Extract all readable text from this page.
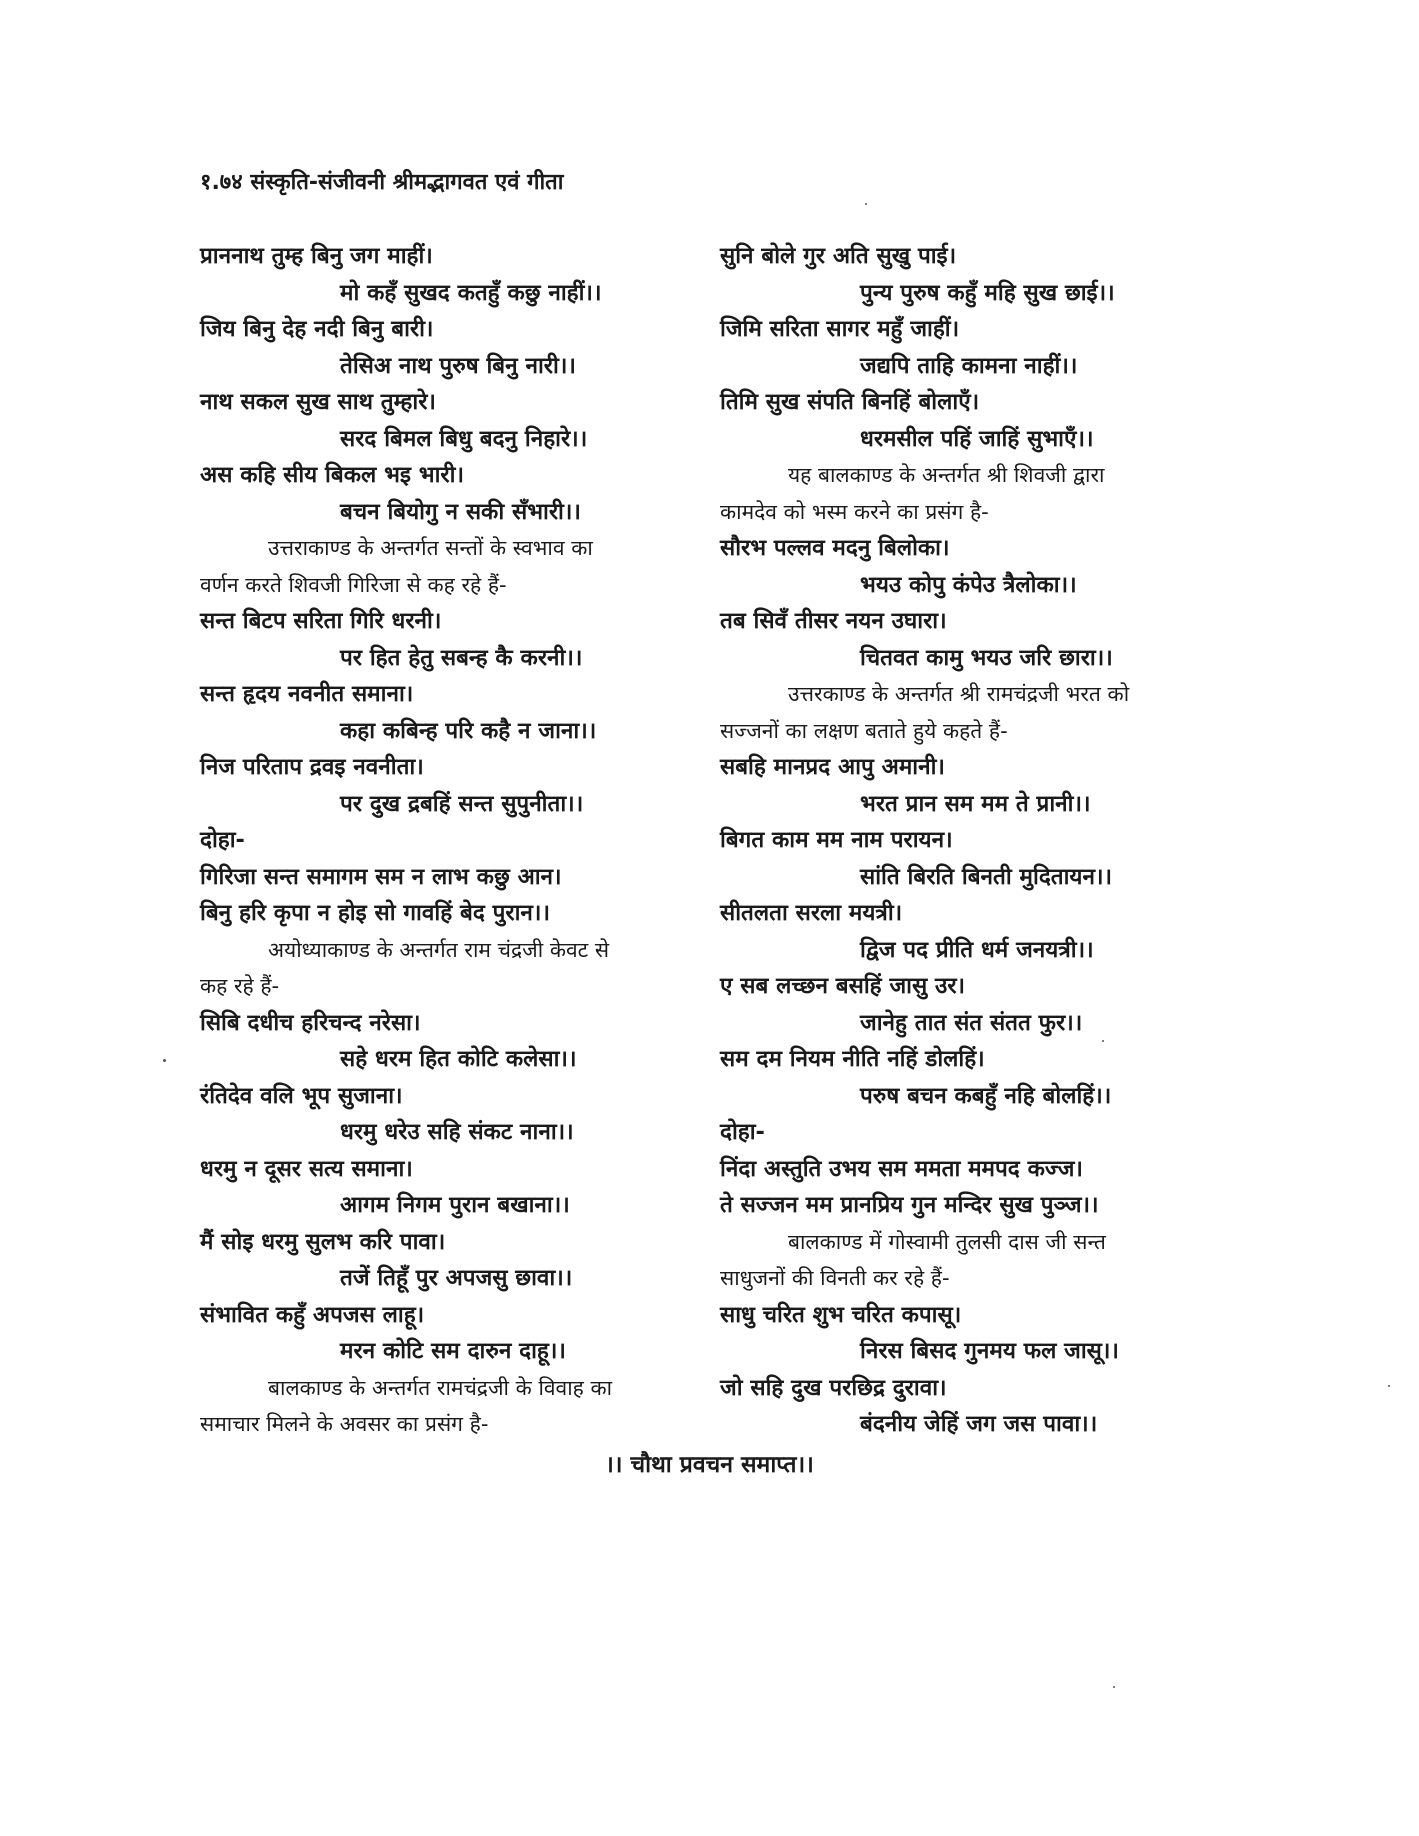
१.७४ संस्कृति-संजीवनी श्रीमद्भागवत एवं गीता
प्राननाथ तुम्ह बिनु जग माहीं।
मो कहँ सुखद कतहुँ कछु नाहीं।।
जिय बिनु देह नदी बिनु बारी।
तेसिअ नाथ पुरुष बिनु नारी।।
नाथ सकल सुख साथ तुम्हारे।
सरद बिमल बिधु बदनु निहारे।।
अस कहि सीय बिकल भइ भारी।
बचन बियोगु न सकी सँभारी।।
उत्तराकाण्ड के अन्तर्गत सन्तों के स्वभाव का
वर्णन करते शिवजी गिरिजा से कह रहे हैं-
सन्त बिटप सरिता गिरि धरनी।
पर हित हेतु सबन्ह कै करनी।।
सन्त हृदय नवनीत समाना।
कहा कबिन्ह परि कहै न जाना।।
निज परिताप द्रवइ नवनीता।
पर दुख द्रबहिं सन्त सुपुनीता।।
दोहा-
गिरिजा सन्त समागम सम न लाभ कछु आन।
बिनु हरि कृपा न होइ सो गावहिं बेद पुरान।।
अयोध्याकाण्ड के अन्तर्गत राम चंद्रजी केवट से
कह रहे हैं-
सिबि दधीच हरिचन्द नरेसा।
सहे धरम हित कोटि कलेसा।।
रंतिदेव वलि भूप सुजाना।
धरमु धरेउ सहि संकट नाना।।
धरमु न दूसर सत्य समाना।
आगम निगम पुरान बखाना।।
मैं सोइ धरमु सुलभ करि पावा।
तजें तिहूँ पुर अपजसु छावा।।
संभावित कहुँ अपजस लाहू।
मरन कोटि सम दारुन दाहू।।
बालकाण्ड के अन्तर्गत रामचंद्रजी के विवाह का
समाचार मिलने के अवसर का प्रसंग है-
सुनि बोले गुर अति सुखु पाई।
पुन्य पुरुष कहुँ महि सुख छाई।।
जिमि सरिता सागर महुँ जाहीं।
जद्यपि ताहि कामना नाहीं।।
तिमि सुख संपति बिनहिं बोलाएँ।
धरमसील पहिं जाहिं सुभाएँ।।
यह बालकाण्ड के अन्तर्गत श्री शिवजी द्वारा
कामदेव को भस्म करने का प्रसंग है-
सौरभ पल्लव मदनु बिलोका।
भयउ कोपु कंपेउ त्रैलोका।।
तब सिवँ तीसर नयन उघारा।
चितवत कामु भयउ जरि छारा।।
उत्तरकाण्ड के अन्तर्गत श्री रामचंद्रजी भरत को
सज्जनों का लक्षण बताते हुये कहते हैं-
सबहि मानप्रद आपु अमानी।
भरत प्रान सम मम ते प्रानी।।
बिगत काम मम नाम परायन।
सांति बिरति बिनती मुदितायन।।
सीतलता सरला मयत्री।
द्विज पद प्रीति धर्म जनयत्री।।
ए सब लच्छन बसहिं जासु उर।
जानेहु तात संत संतत फुर।।
सम दम नियम नीति नहिं डोलहिं।
परुष बचन कबहुँ नहि बोलहिं।।
दोहा-
निंदा अस्तुति उभय सम ममता ममपद कज्ज।
ते सज्जन मम प्रानप्रिय गुन मन्दिर सुख पुञ्ज।।
बालकाण्ड में गोस्वामी तुलसी दास जी सन्त
साधुजनों की विनती कर रहे हैं-
साधु चरित शुभ चरित कपासू।
निरस बिसद गुनमय फल जासू।।
जो सहि दुख परछिद्र दुरावा।
बंदनीय जेहिं जग जस पावा।।
।। चौथा प्रवचन समाप्त।।
